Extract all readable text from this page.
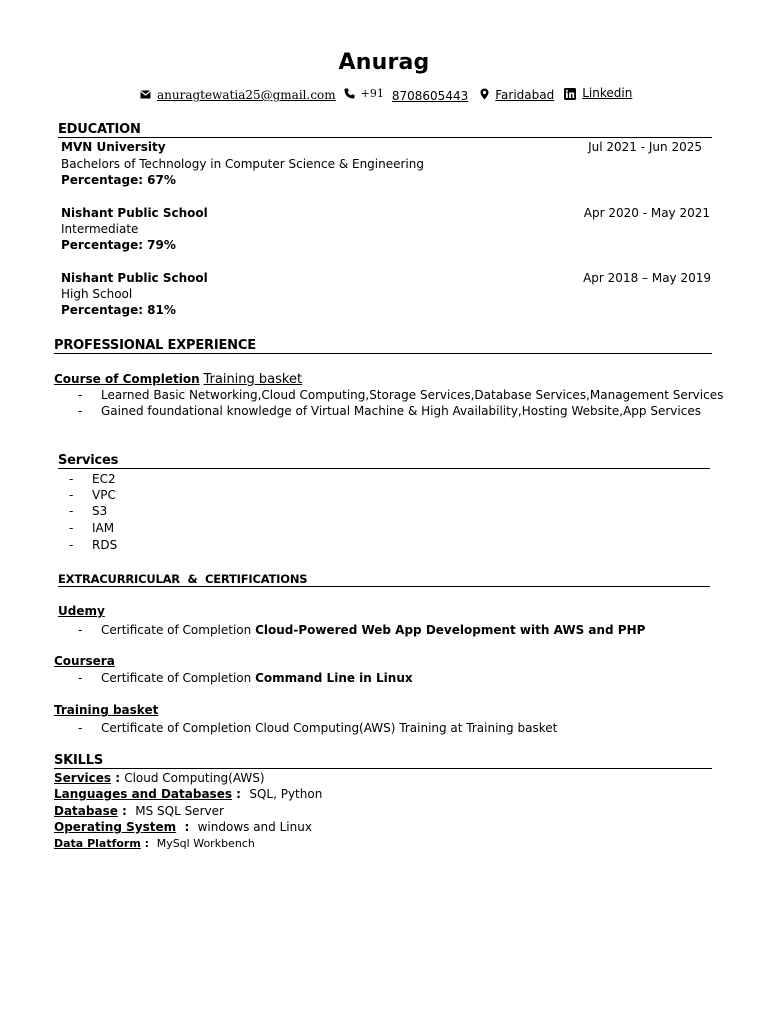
Anurag
anuragtewatia25@gmail.com +91 8708605443 Faridabad Linkedin
EDUCATION
MVN University	Jul 2021 - Jun 2025
Bachelors of Technology in Computer Science & Engineering
Percentage: 67%
Nishant Public School	Apr 2020 - May 2021
Intermediate
Percentage: 79%
Nishant Public School	Apr 2018 – May 2019
High School
Percentage: 81%
PROFESSIONAL EXPERIENCE
Course of Completion Training basket
- Learned Basic Networking,Cloud Computing,Storage Services,Database Services,Management Services
- Gained foundational knowledge of Virtual Machine & High Availability,Hosting Website,App Services
Services
- EC2
- VPC
- S3
- IAM
- RDS
EXTRACURRICULAR  &  CERTIFICATIONS
Udemy
- Certificate of Completion Cloud-Powered Web App Development with AWS and PHP
Coursera
- Certificate of Completion Command Line in Linux
Training basket
- Certificate of Completion Cloud Computing(AWS) Training at Training basket
SKILLS
Services : Cloud Computing(AWS)
Languages and Databases :  SQL, Python
Database :  MS SQL Server
Operating System  :  windows and Linux
Data Platform :  MySql Workbench
